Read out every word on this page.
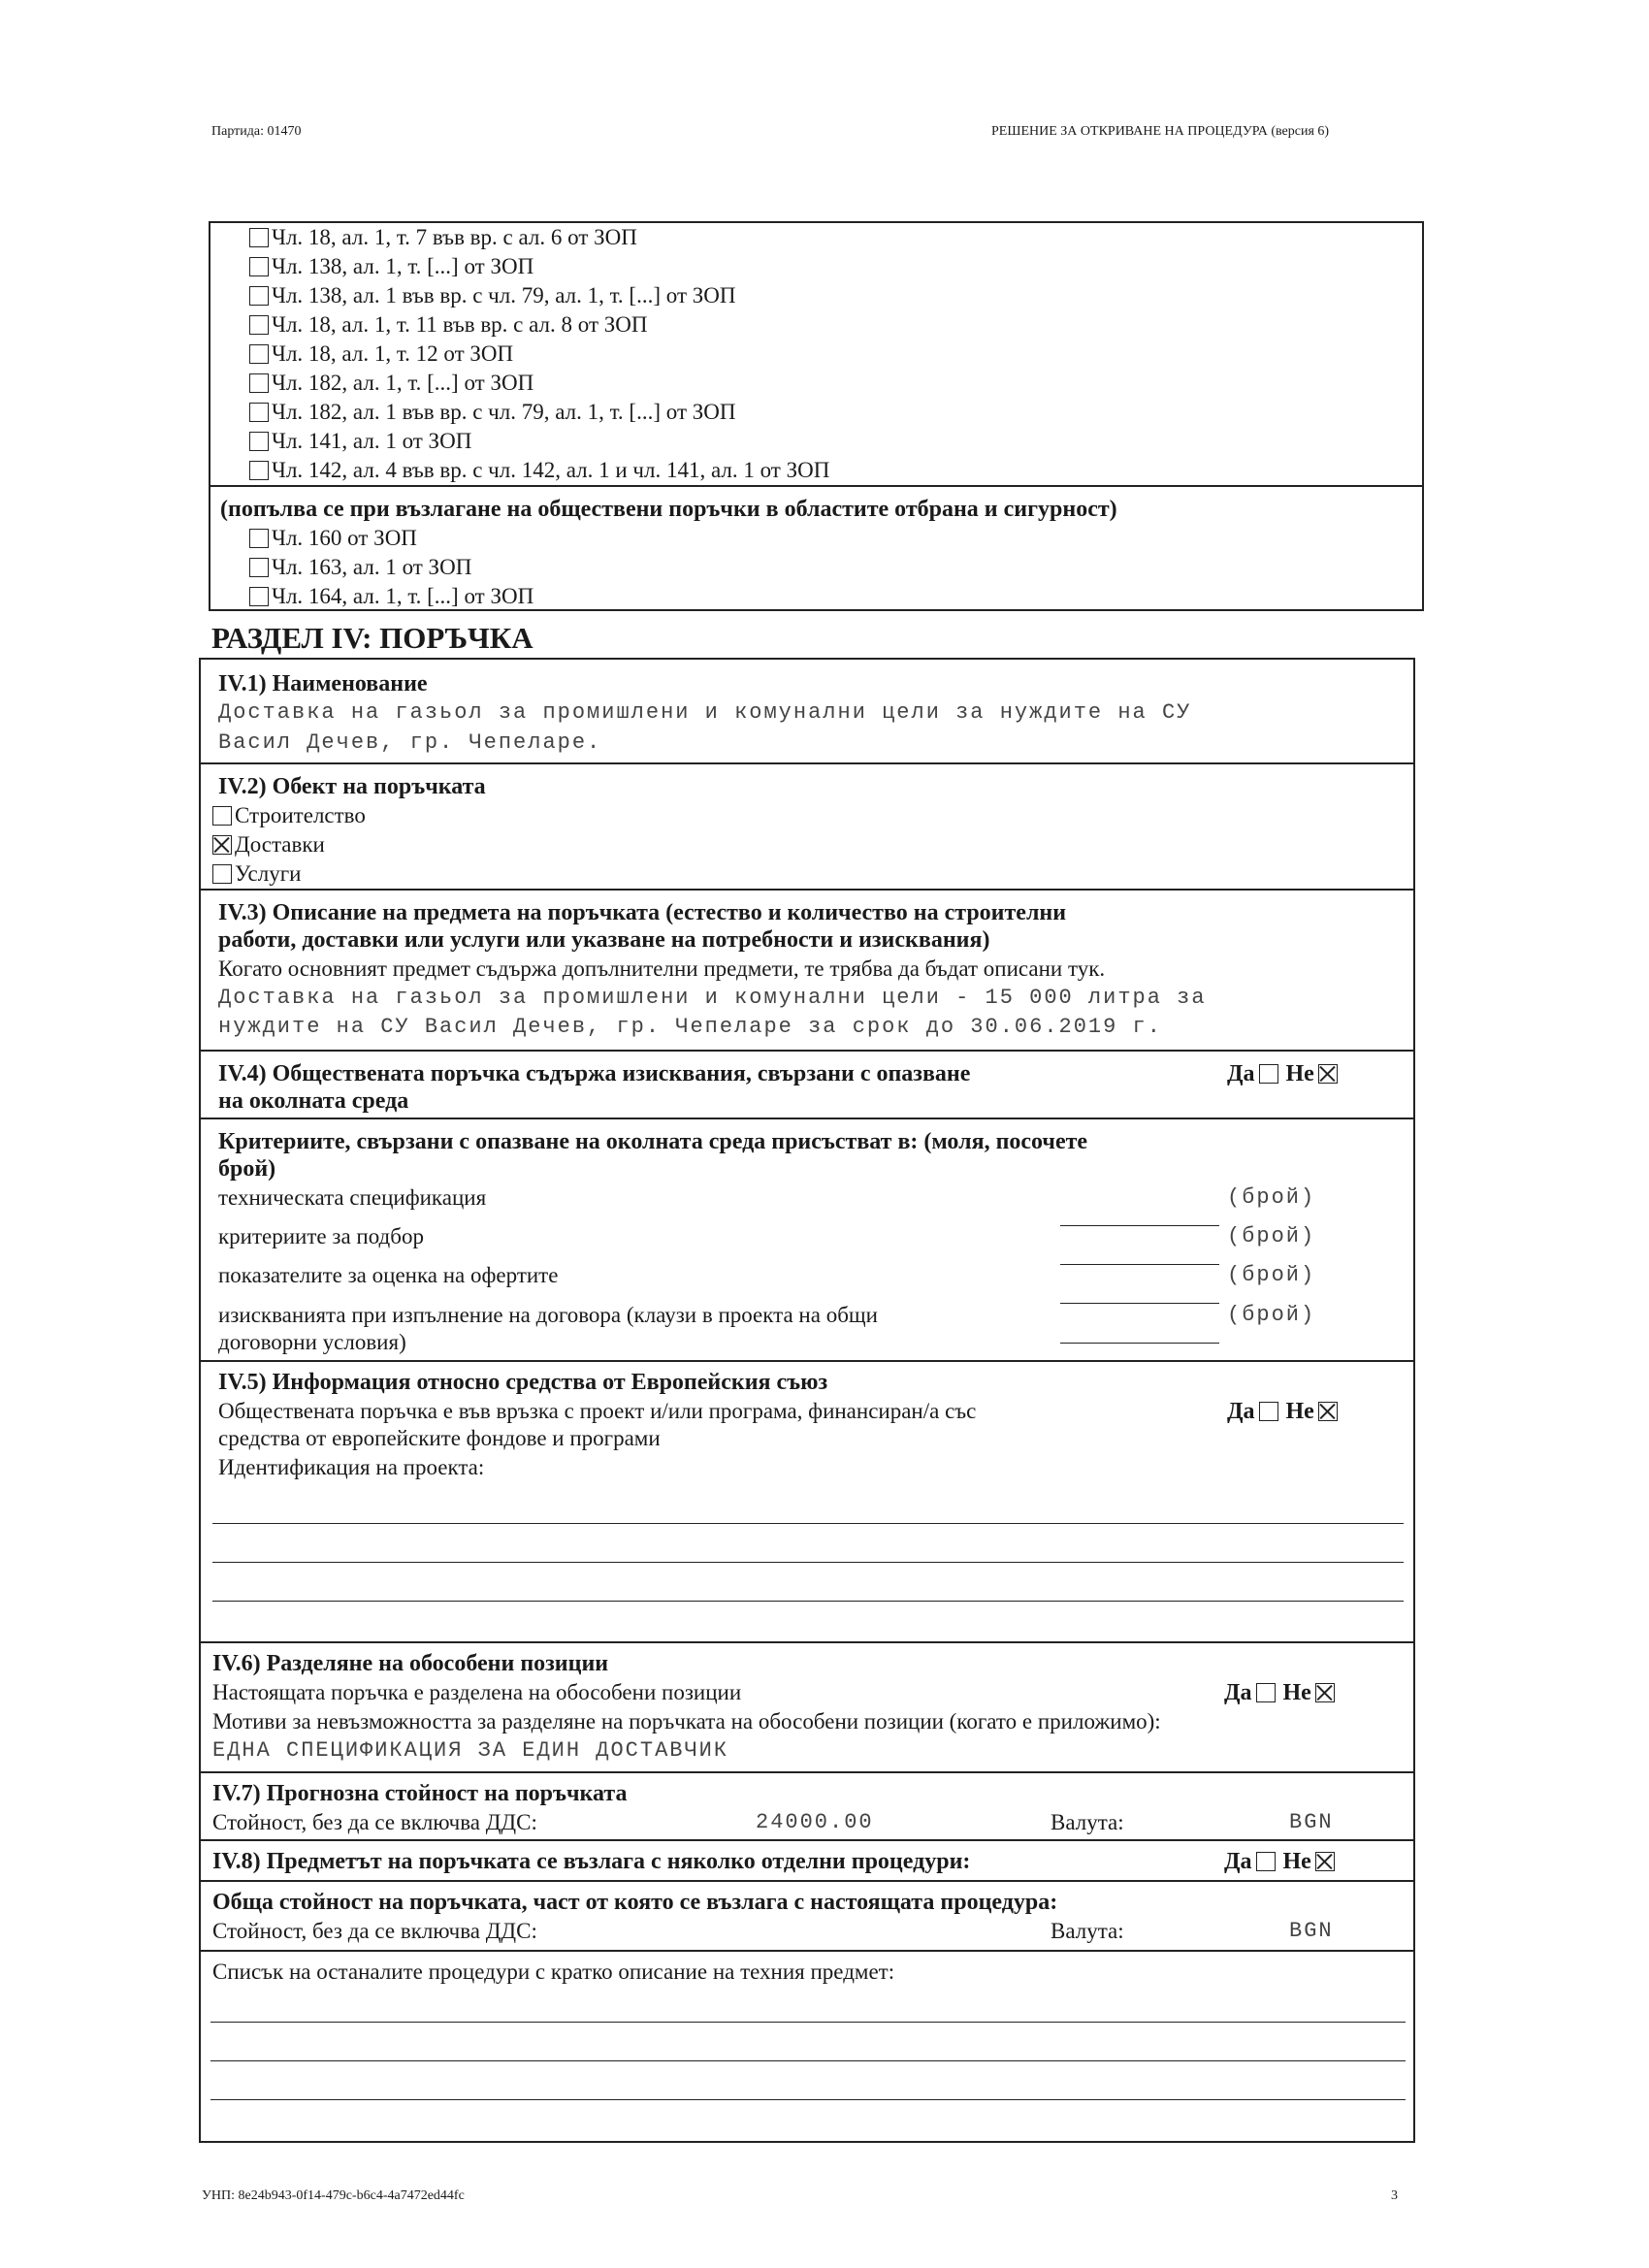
Партида: 01470	РЕШЕНИЕ ЗА ОТКРИВАНЕ НА ПРОЦЕДУРА (версия 6)
Чл. 18, ал. 1, т. 7 във вр. с ал. 6 от ЗОП
Чл. 138, ал. 1, т. [...] от ЗОП
Чл. 138, ал. 1 във вр. с чл. 79, ал. 1, т. [...] от ЗОП
Чл. 18, ал. 1, т. 11 във вр. с ал. 8 от ЗОП
Чл. 18, ал. 1, т. 12 от ЗОП
Чл. 182, ал. 1, т. [...] от ЗОП
Чл. 182, ал. 1 във вр. с чл. 79, ал. 1, т. [...] от ЗОП
Чл. 141, ал. 1 от ЗОП
Чл. 142, ал. 4 във вр. с чл. 142, ал. 1 и чл. 141, ал. 1 от ЗОП
(попълва се при възлагане на обществени поръчки в областите отбрана и сигурност)
Чл. 160 от ЗОП
Чл. 163, ал. 1 от ЗОП
Чл. 164, ал. 1, т. [...] от ЗОП
РАЗДЕЛ IV: ПОРЪЧКА
IV.1) Наименование
Доставка на газьол за промишлени и комунални цели за нуждите на СУ
Васил Дечев, гр. Чепеларе.
IV.2) Обект на поръчката
Строителство
Доставки
Услуги
IV.3) Описание на предмета на поръчката (естество и количество на строителни
работи, доставки или услуги или указване на потребности и изисквания)
Когато основният предмет съдържа допълнителни предмети, те трябва да бъдат описани тук.
Доставка на газьол за промишлени и комунални цели - 15 000 литра за
нуждите на СУ Васил Дечев, гр. Чепеларе за срок до 30.06.2019 г.
IV.4) Обществената поръчка съдържа изисквания, свързани с опазване
на околната среда
Да Не
Критериите, свързани с опазване на околната среда присъстват в: (моля, посочете
брой)
техническата спецификация	(брой)
критериите за подбор	(брой)
показателите за оценка на офертите	(брой)
изискванията при изпълнение на договора (клаузи в проекта на общи
договорни условия)
(брой)
IV.5) Информация относно средства от Европейския съюз
Обществената поръчка е във връзка с проект и/или програма, финансиран/а със
средства от европейските фондове и програми
Да Не
Идентификация на проекта:
IV.6) Разделяне на обособени позиции
Настоящата поръчка е разделена на обособени позиции	Да Не
Мотиви за невъзможността за разделяне на поръчката на обособени позиции (когато е приложимо):
ЕДНА СПЕЦИФИКАЦИЯ ЗА ЕДИН ДОСТАВЧИК
IV.7) Прогнозна стойност на поръчката
Стойност, без да се включва ДДС:	24000.00	Валута:	BGN
IV.8) Предметът на поръчката се възлага с няколко отделни процедури:	Да Не
Обща стойност на поръчката, част от която се възлага с настоящата процедура:
Стойност, без да се включва ДДС:	Валута:	BGN
Списък на останалите процедури с кратко описание на техния предмет:
УНП: 8e24b943-0f14-479c-b6c4-4a7472ed44fc	3
